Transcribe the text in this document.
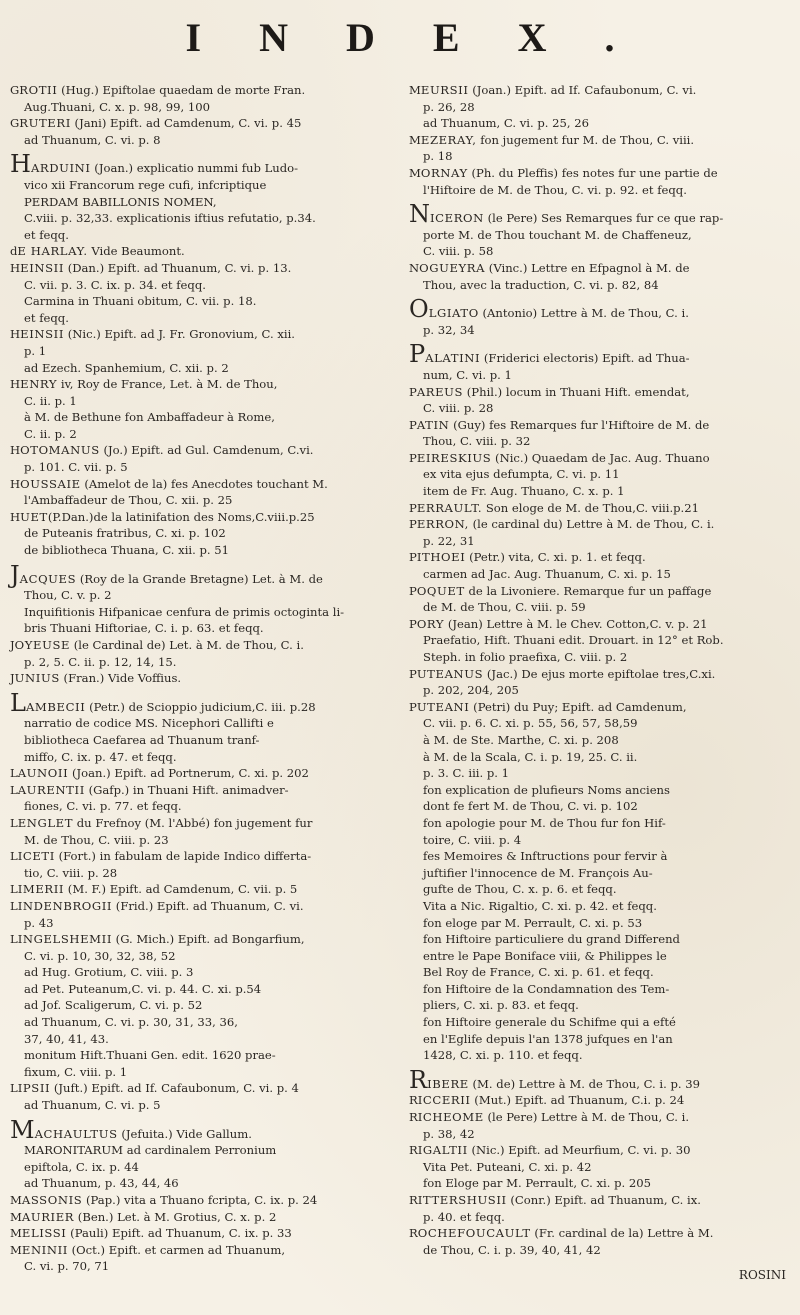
INDEX.

GROTII (Hug.) Epiftolae quaedam de morte Fran.
Aug.Thuani, C. x. p. 98, 99, 100

GRUTERI (Jani) Epift. ad Camdenum, C. vi. p. 45
ad Thuanum, C. vi. p. 8

HARDUINI (Joan.) explicatio nummi fub Ludo-
vico xii Francorum rege cufi, infcriptique
PERDAM BABILLONIS NOMEN,
C.viii. p. 32,33. explicationis iftius refutatio, p.34.
et feqq.

dE HARLAY. Vide Beaumont.

HEINSII (Dan.) Epift. ad Thuanum, C. vi. p. 13.
C. vii. p. 3. C. ix. p. 34. et feqq.
Carmina in Thuani obitum, C. vii. p. 18.
et feqq.

HEINSII (Nic.) Epift. ad J. Fr. Gronovium, C. xii.
p. 1
ad Ezech. Spanhemium, C. xii. p. 2

HENRY iv, Roy de France, Let. à M. de Thou,
C. ii. p. 1
à M. de Bethune fon Ambaffadeur à Rome,
C. ii. p. 2

HOTOMANUS (Jo.) Epift. ad Gul. Camdenum, C.vi.
p. 101. C. vii. p. 5

HOUSSAIE (Amelot de la) fes Anecdotes touchant M.
l'Ambaffadeur de Thou, C. xii. p. 25

HUET(P.Dan.)de la latinifation des Noms,C.viii.p.25
de Puteanis fratribus, C. xi. p. 102
de bibliotheca Thuana, C. xii. p. 51

JACQUES (Roy de la Grande Bretagne) Let. à M. de
Thou, C. v. p. 2
Inquifitionis Hifpanicae cenfura de primis octoginta li-
bris Thuani Hiftoriae, C. i. p. 63. et feqq.

JOYEUSE (le Cardinal de) Let. à M. de Thou, C. i.
p. 2, 5. C. ii. p. 12, 14, 15.

JUNIUS (Fran.) Vide Voffius.

LAMBECII (Petr.) de Scioppio judicium,C. iii. p.28
narratio de codice MS. Nicephori Callifti e
bibliotheca Caefarea ad Thuanum tranf-
miffo, C. ix. p. 47. et feqq.

LAUNOII (Joan.) Epift. ad Portnerum, C. xi. p. 202

LAURENTII (Gafp.) in Thuani Hift. animadver-
fiones, C. vi. p. 77. et feqq.

LENGLET du Frefnoy (M. l'Abbé) fon jugement fur
M. de Thou, C. viii. p. 23

LICETI (Fort.) in fabulam de lapide Indico differta-
tio, C. viii. p. 28

LIMERII (M. F.) Epift. ad Camdenum, C. vii. p. 5

LINDENBROGII (Frid.) Epift. ad Thuanum, C. vi.
p. 43

LINGELSHEMII (G. Mich.) Epift. ad Bongarfium,
C. vi. p. 10, 30, 32, 38, 52
ad Hug. Grotium, C. viii. p. 3
ad Pet. Puteanum,C. vi. p. 44. C. xi. p.54
ad Jof. Scaligerum, C. vi. p. 52
ad Thuanum, C. vi. p. 30, 31, 33, 36,
37, 40, 41, 43.
monitum Hift.Thuani Gen. edit. 1620 prae-
fixum, C. viii. p. 1

LIPSII (Juft.) Epift. ad If. Cafaubonum, C. vi. p. 4
ad Thuanum, C. vi. p. 5

MACHAULTUS (Jefuita.) Vide Gallum.
MARONITARUM ad cardinalem Perronium
epiftola, C. ix. p. 44
ad Thuanum, p. 43, 44, 46

MASSONIS (Pap.) vita a Thuano fcripta, C. ix. p. 24

MAURIER (Ben.) Let. à M. Grotius, C. x. p. 2

MELISSI (Pauli) Epift. ad Thuanum, C. ix. p. 33

MENINII (Oct.) Epift. et carmen ad Thuanum,
C. vi. p. 70, 71

MEURSII (Joan.) Epift. ad If. Cafaubonum, C. vi.
p. 26, 28
ad Thuanum, C. vi. p. 25, 26

MEZERAY, fon jugement fur M. de Thou, C. viii.
p. 18

MORNAY (Ph. du Pleffis) fes notes fur une partie de
l'Hiftoire de M. de Thou, C. vi. p. 92. et feqq.

NICERON (le Pere) Ses Remarques fur ce que rap-
porte M. de Thou touchant M. de Chaffeneuz,
C. viii. p. 58

NOGUEYRA (Vinc.) Lettre en Efpagnol à M. de
Thou, avec la traduction, C. vi. p. 82, 84

OLGIATO (Antonio) Lettre à M. de Thou, C. i.
p. 32, 34

PALATINI (Friderici electoris) Epift. ad Thua-
num, C. vi. p. 1

PAREUS (Phil.) locum in Thuani Hift. emendat,
C. viii. p. 28

PATIN (Guy) fes Remarques fur l'Hiftoire de M. de
Thou, C. viii. p. 32

PEIRESKIUS (Nic.) Quaedam de Jac. Aug. Thuano
ex vita ejus defumpta, C. vi. p. 11
item de Fr. Aug. Thuano, C. x. p. 1

PERRAULT. Son eloge de M. de Thou,C. viii.p.21

PERRON, (le cardinal du) Lettre à M. de Thou, C. i.
p. 22, 31

PITHOEI (Petr.) vita, C. xi. p. 1. et feqq.
carmen ad Jac. Aug. Thuanum, C. xi. p. 15

POQUET de la Livoniere. Remarque fur un paffage
de M. de Thou, C. viii. p. 59

PORY (Jean) Lettre à M. le Chev. Cotton,C. v. p. 21
Praefatio, Hift. Thuani edit. Drouart. in 12° et Rob.
Steph. in folio praefixa, C. viii. p. 2

PUTEANUS (Jac.) De ejus morte epiftolae tres,C.xi.
p. 202, 204, 205

PUTEANI (Petri) du Puy; Epift. ad Camdenum,
C. vii. p. 6. C. xi. p. 55, 56, 57, 58,59
à M. de Ste. Marthe, C. xi. p. 208
à M. de la Scala, C. i. p. 19, 25. C. ii.
p. 3. C. iii. p. 1
fon explication de plufieurs Noms anciens
dont fe fert M. de Thou, C. vi. p. 102
fon apologie pour M. de Thou fur fon Hif-
toire, C. viii. p. 4
fes Memoires & Inftructions pour fervir à
juftifier l'innocence de M. François Au-
gufte de Thou, C. x. p. 6. et feqq.
Vita a Nic. Rigaltio, C. xi. p. 42. et feqq.
fon eloge par M. Perrault, C. xi. p. 53
fon Hiftoire particuliere du grand Differend
entre le Pape Boniface viii, & Philippes le
Bel Roy de France, C. xi. p. 61. et feqq.
fon Hiftoire de la Condamnation des Tem-
pliers, C. xi. p. 83. et feqq.
fon Hiftoire generale du Schifme qui a efté
en l'Eglife depuis l'an 1378 jufques en l'an
1428, C. xi. p. 110. et feqq.

RIBERE (M. de) Lettre à M. de Thou, C. i. p. 39

RICCERII (Mut.) Epift. ad Thuanum, C.i. p. 24

RICHEOME (le Pere) Lettre à M. de Thou, C. i.
p. 38, 42

RIGALTII (Nic.) Epift. ad Meurfium, C. vi. p. 30
Vita Pet. Puteani, C. xi. p. 42
fon Eloge par M. Perrault, C. xi. p. 205

RITTERSHUSII (Conr.) Epift. ad Thuanum, C. ix.
p. 40. et feqq.

ROCHEFOUCAULT (Fr. cardinal de la) Lettre à M.
de Thou, C. i. p. 39, 40, 41, 42

ROSINI
